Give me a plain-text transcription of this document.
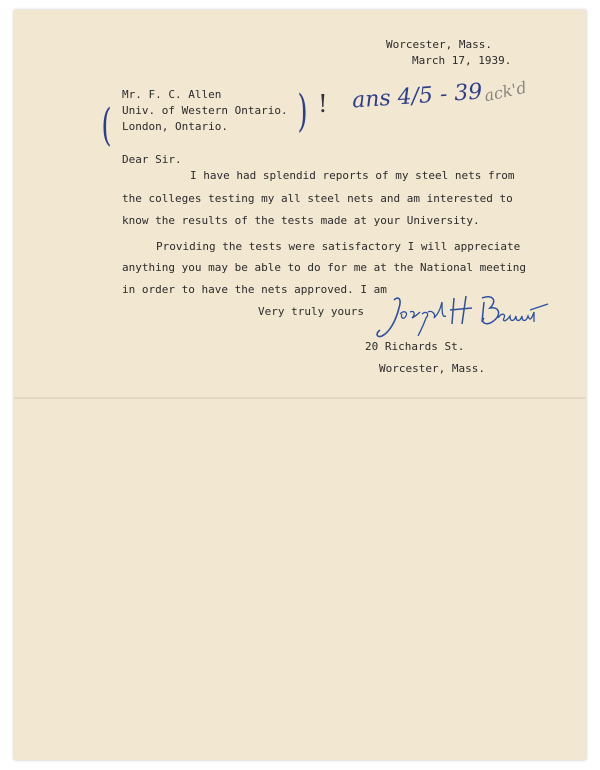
Worcester, Mass.
March 17, 1939.
(
Mr. F. C. Allen
Univ. of Western Ontario.
London, Ontario. ) ! ans 4/5 - 39 ack'd
Dear Sir.
I have had splendid reports of my steel nets from
the colleges testing my all steel nets and am interested to
know the results of the tests made at your University.
Providing the tests were satisfactory I will appreciate
anything you may be able to do for me at the National meeting
in order to have the nets approved. I am
Very truly yours
20 Richards St.
Worcester, Mass.
